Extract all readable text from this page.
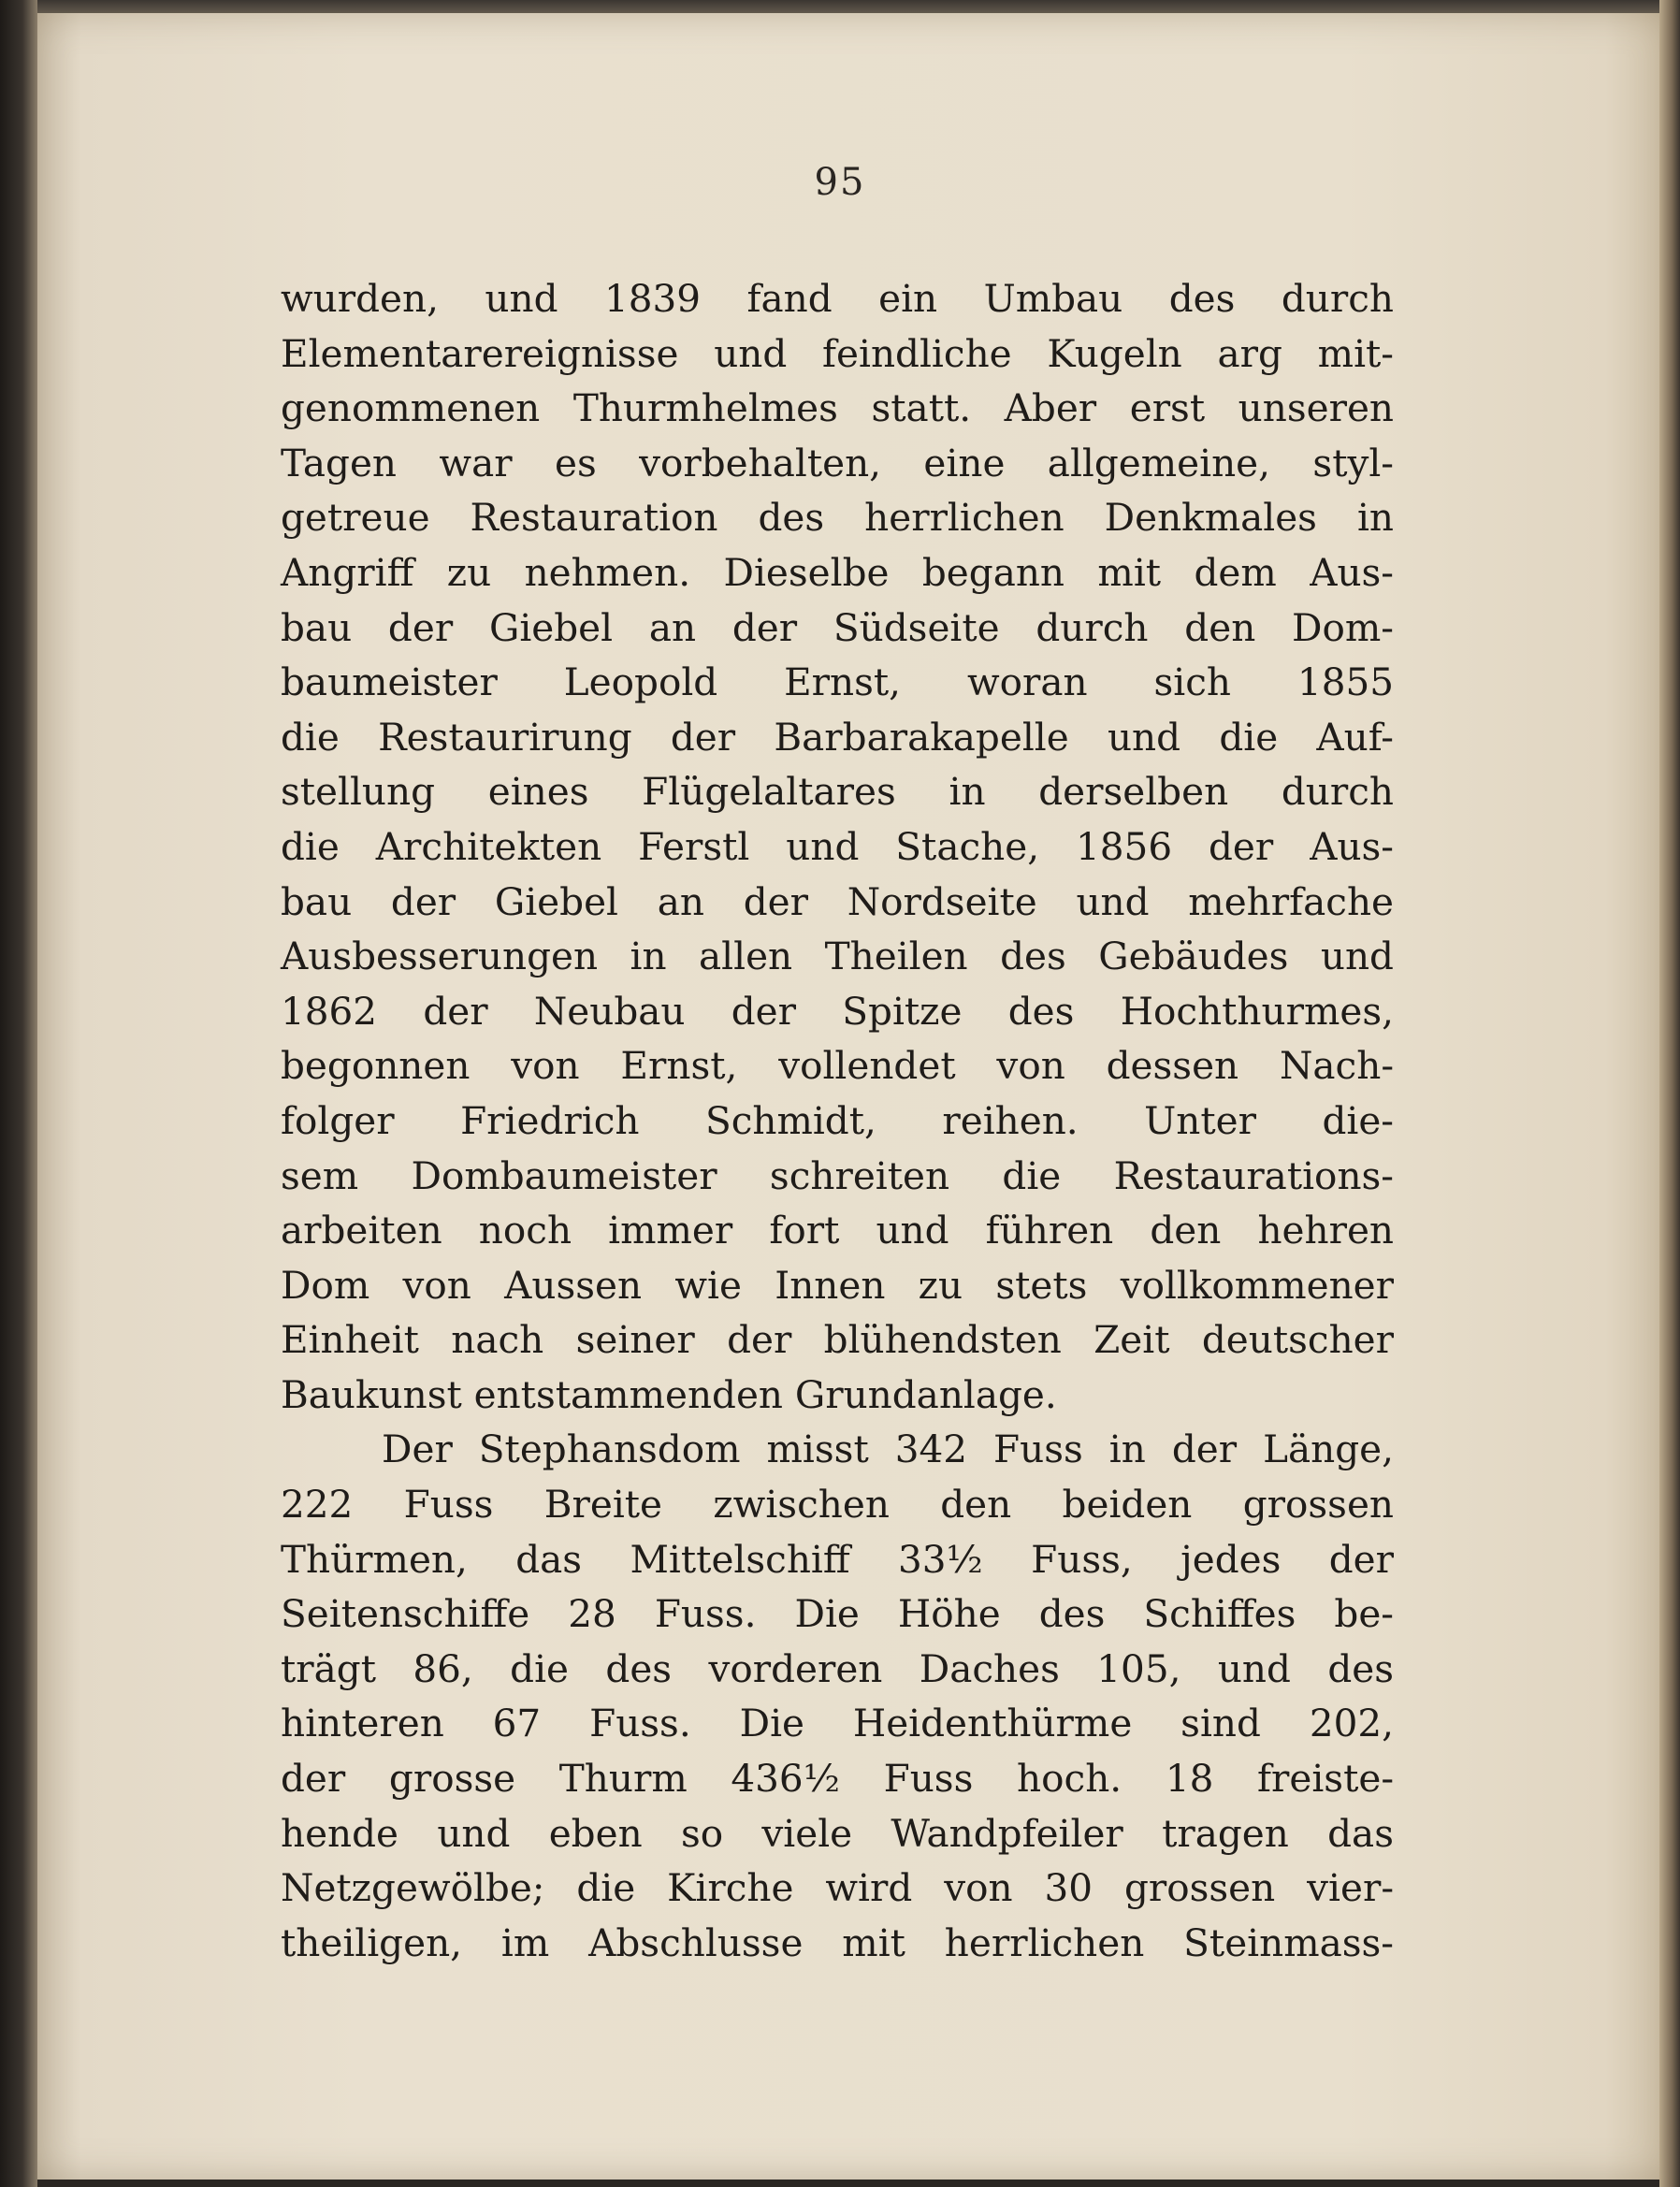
95
wurden, und 1839 fand ein Umbau des durch
Elementarereignisse und feindliche Kugeln arg mit-
genommenen Thurmhelmes statt. Aber erst unseren
Tagen war es vorbehalten, eine allgemeine, styl-
getreue Restauration des herrlichen Denkmales in
Angriff zu nehmen. Dieselbe begann mit dem Aus-
bau der Giebel an der Südseite durch den Dom-
baumeister Leopold Ernst, woran sich 1855
die Restaurirung der Barbarakapelle und die Auf-
stellung eines Flügelaltares in derselben durch
die Architekten Ferstl und Stache, 1856 der Aus-
bau der Giebel an der Nordseite und mehrfache
Ausbesserungen in allen Theilen des Gebäudes und
1862 der Neubau der Spitze des Hochthurmes,
begonnen von Ernst, vollendet von dessen Nach-
folger Friedrich Schmidt, reihen. Unter die-
sem Dombaumeister schreiten die Restaurations-
arbeiten noch immer fort und führen den hehren
Dom von Aussen wie Innen zu stets vollkommener
Einheit nach seiner der blühendsten Zeit deutscher
Baukunst entstammenden Grundanlage.
Der Stephansdom misst 342 Fuss in der Länge,
222 Fuss Breite zwischen den beiden grossen
Thürmen, das Mittelschiff 33½ Fuss, jedes der
Seitenschiffe 28 Fuss. Die Höhe des Schiffes be-
trägt 86, die des vorderen Daches 105, und des
hinteren 67 Fuss. Die Heidenthürme sind 202,
der grosse Thurm 436½ Fuss hoch. 18 freiste-
hende und eben so viele Wandpfeiler tragen das
Netzgewölbe; die Kirche wird von 30 grossen vier-
theiligen, im Abschlusse mit herrlichen Steinmass-
